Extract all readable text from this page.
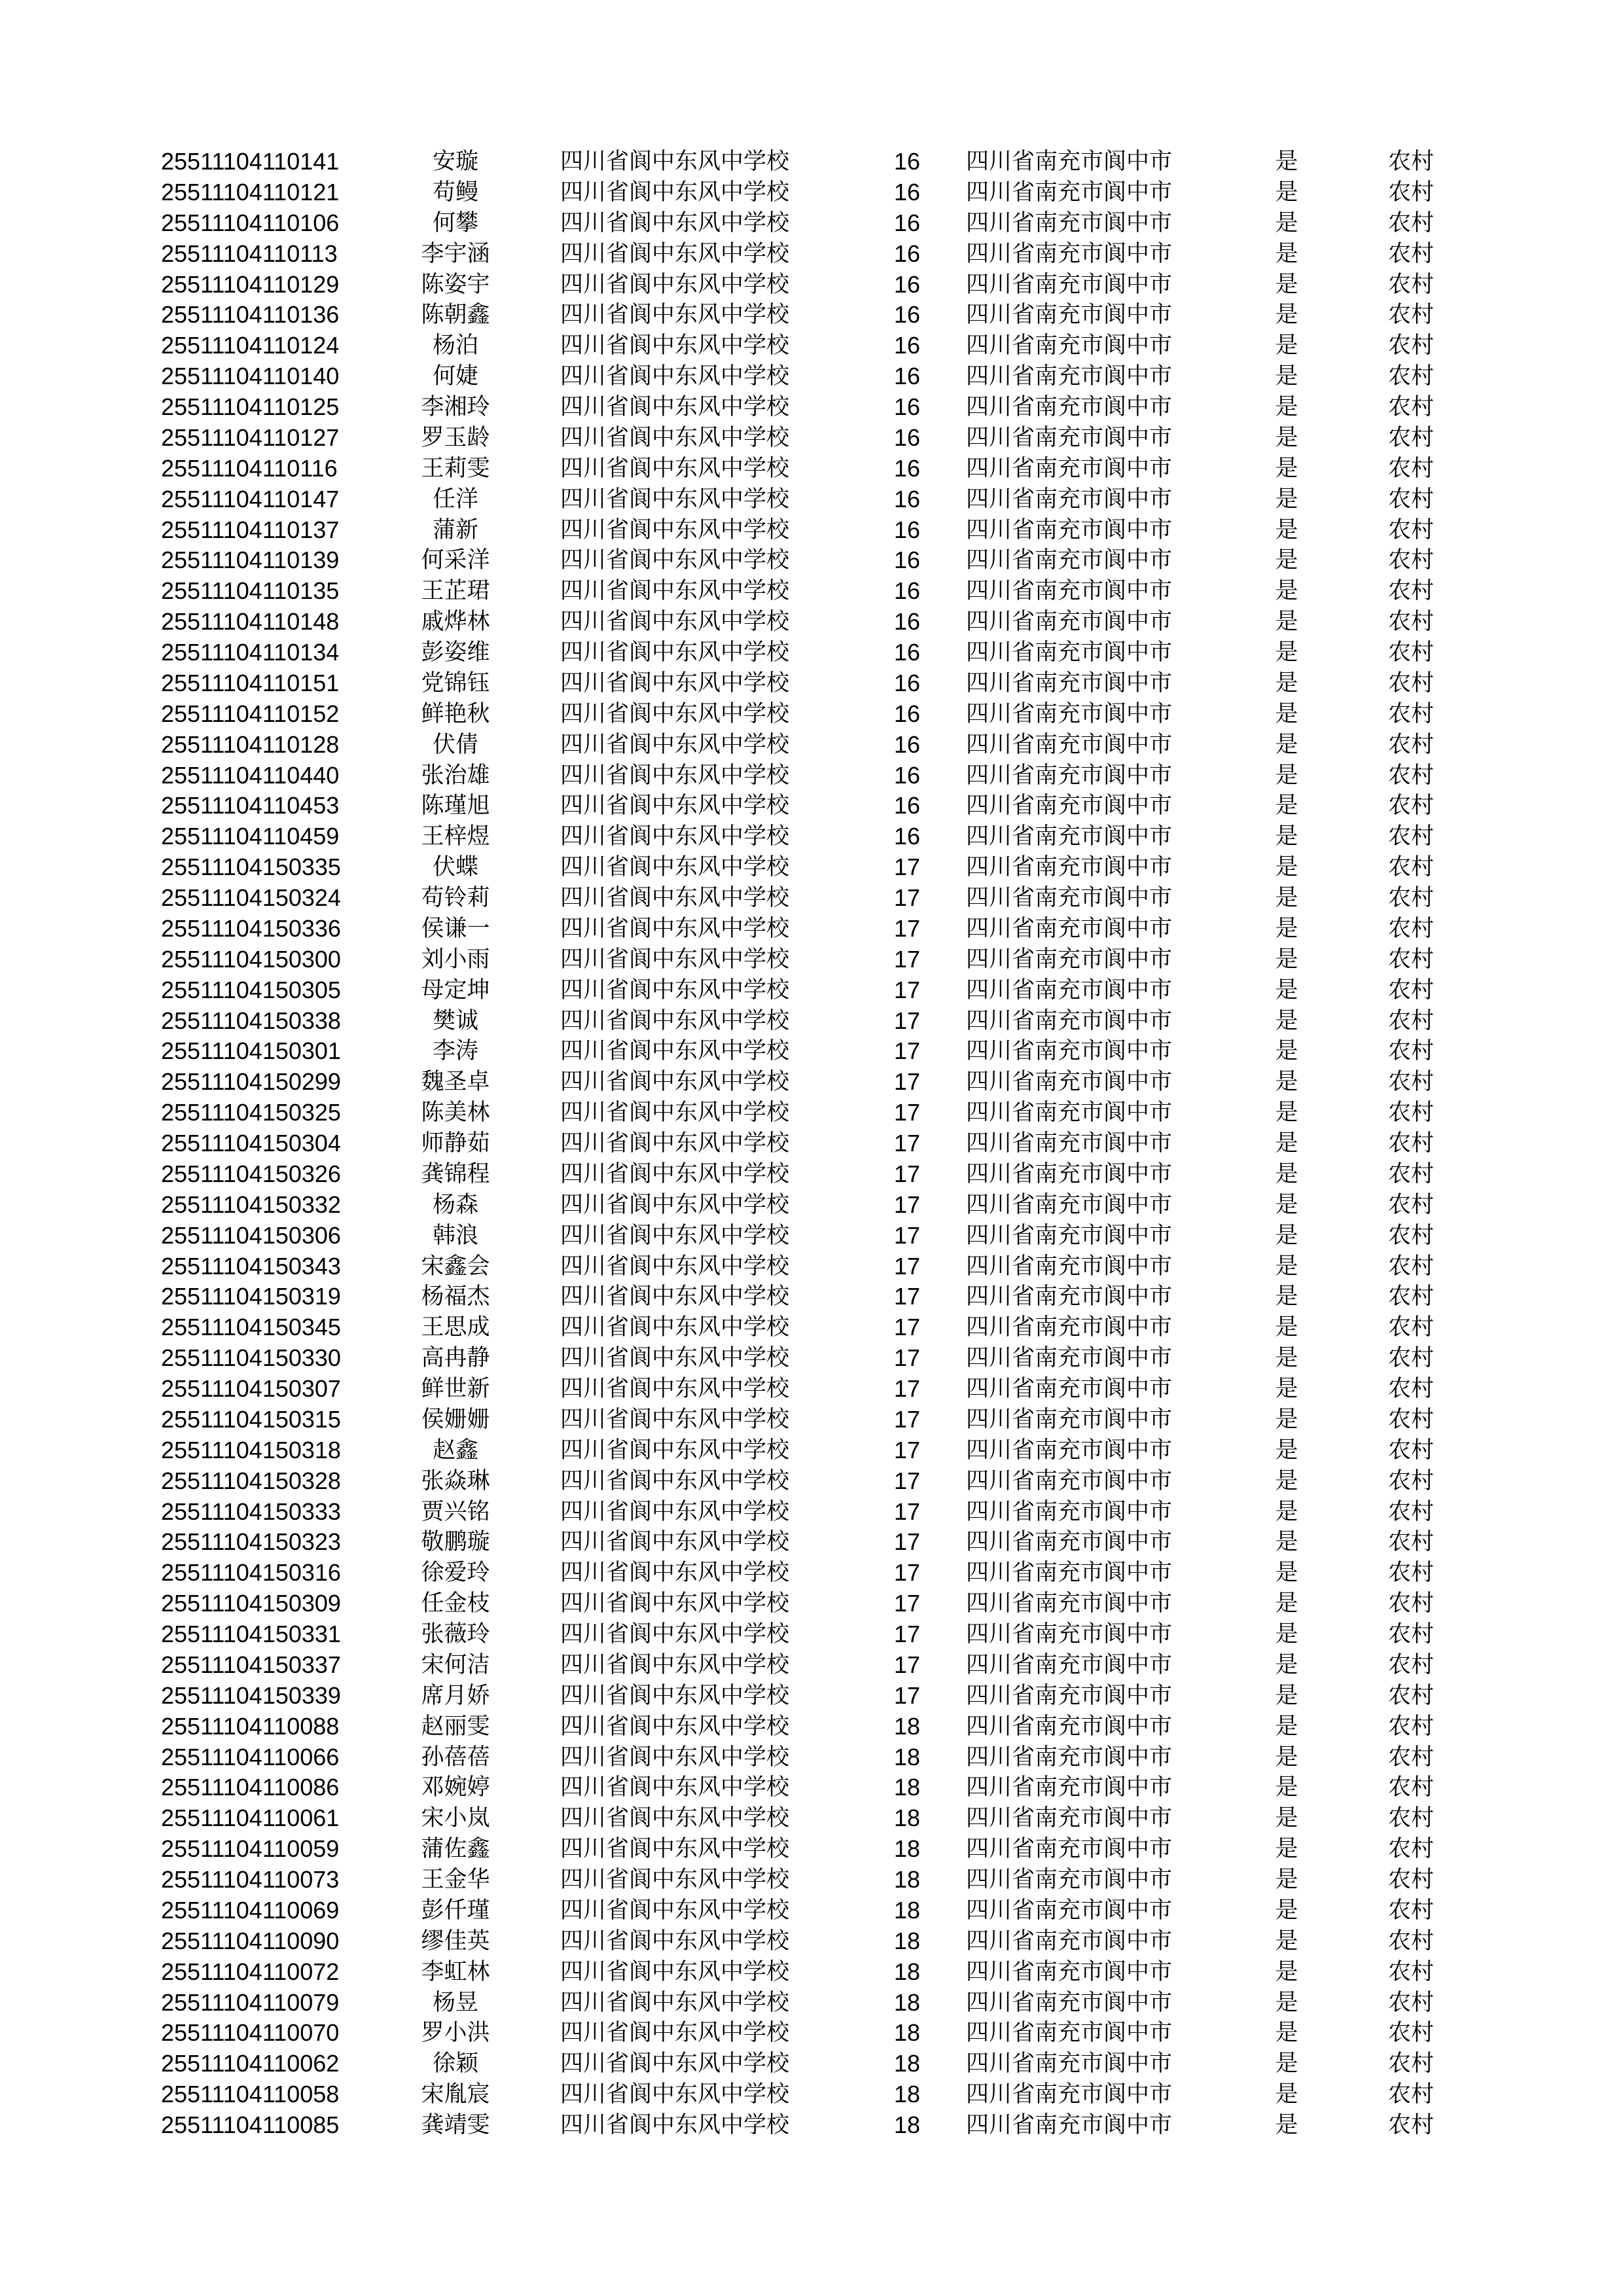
25511104110141	安璇	四川省阆中东风中学校	16 四川省南充市阆中市	是	农村
25511104110121	苟鳗	四川省阆中东风中学校	16 四川省南充市阆中市	是	农村
25511104110106	何攀	四川省阆中东风中学校	16 四川省南充市阆中市	是	农村
25511104110113	李宇涵	四川省阆中东风中学校	16 四川省南充市阆中市	是	农村
25511104110129	陈姿宇	四川省阆中东风中学校	16 四川省南充市阆中市	是	农村
25511104110136	陈朝鑫	四川省阆中东风中学校	16 四川省南充市阆中市	是	农村
25511104110124	杨泊	四川省阆中东风中学校	16 四川省南充市阆中市	是	农村
25511104110140	何婕	四川省阆中东风中学校	16 四川省南充市阆中市	是	农村
25511104110125	李湘玲	四川省阆中东风中学校	16 四川省南充市阆中市	是	农村
25511104110127	罗玉龄	四川省阆中东风中学校	16 四川省南充市阆中市	是	农村
25511104110116	王莉雯	四川省阆中东风中学校	16 四川省南充市阆中市	是	农村
25511104110147	任洋	四川省阆中东风中学校	16 四川省南充市阆中市	是	农村
25511104110137	蒲新	四川省阆中东风中学校	16 四川省南充市阆中市	是	农村
25511104110139	何采洋	四川省阆中东风中学校	16 四川省南充市阆中市	是	农村
25511104110135	王芷珺	四川省阆中东风中学校	16 四川省南充市阆中市	是	农村
25511104110148	戚烨林	四川省阆中东风中学校	16 四川省南充市阆中市	是	农村
25511104110134	彭姿维	四川省阆中东风中学校	16 四川省南充市阆中市	是	农村
25511104110151	党锦钰	四川省阆中东风中学校	16 四川省南充市阆中市	是	农村
25511104110152	鲜艳秋	四川省阆中东风中学校	16 四川省南充市阆中市	是	农村
25511104110128	伏倩	四川省阆中东风中学校	16 四川省南充市阆中市	是	农村
25511104110440	张治雄	四川省阆中东风中学校	16 四川省南充市阆中市	是	农村
25511104110453	陈瑾旭	四川省阆中东风中学校	16 四川省南充市阆中市	是	农村
25511104110459	王梓煜	四川省阆中东风中学校	16 四川省南充市阆中市	是	农村
25511104150335	伏蝶	四川省阆中东风中学校	17 四川省南充市阆中市	是	农村
25511104150324	苟铃莉	四川省阆中东风中学校	17 四川省南充市阆中市	是	农村
25511104150336	侯谦一	四川省阆中东风中学校	17 四川省南充市阆中市	是	农村
25511104150300	刘小雨	四川省阆中东风中学校	17 四川省南充市阆中市	是	农村
25511104150305	母定坤	四川省阆中东风中学校	17 四川省南充市阆中市	是	农村
25511104150338	樊诚	四川省阆中东风中学校	17 四川省南充市阆中市	是	农村
25511104150301	李涛	四川省阆中东风中学校	17 四川省南充市阆中市	是	农村
25511104150299	魏圣卓	四川省阆中东风中学校	17 四川省南充市阆中市	是	农村
25511104150325	陈美林	四川省阆中东风中学校	17 四川省南充市阆中市	是	农村
25511104150304	师静茹	四川省阆中东风中学校	17 四川省南充市阆中市	是	农村
25511104150326	龚锦程	四川省阆中东风中学校	17 四川省南充市阆中市	是	农村
25511104150332	杨森	四川省阆中东风中学校	17 四川省南充市阆中市	是	农村
25511104150306	韩浪	四川省阆中东风中学校	17 四川省南充市阆中市	是	农村
25511104150343	宋鑫会	四川省阆中东风中学校	17 四川省南充市阆中市	是	农村
25511104150319	杨福杰	四川省阆中东风中学校	17 四川省南充市阆中市	是	农村
25511104150345	王思成	四川省阆中东风中学校	17 四川省南充市阆中市	是	农村
25511104150330	高冉静	四川省阆中东风中学校	17 四川省南充市阆中市	是	农村
25511104150307	鲜世新	四川省阆中东风中学校	17 四川省南充市阆中市	是	农村
25511104150315	侯姗姗	四川省阆中东风中学校	17 四川省南充市阆中市	是	农村
25511104150318	赵鑫	四川省阆中东风中学校	17 四川省南充市阆中市	是	农村
25511104150328	张焱琳	四川省阆中东风中学校	17 四川省南充市阆中市	是	农村
25511104150333	贾兴铭	四川省阆中东风中学校	17 四川省南充市阆中市	是	农村
25511104150323	敬鹏璇	四川省阆中东风中学校	17 四川省南充市阆中市	是	农村
25511104150316	徐爱玲	四川省阆中东风中学校	17 四川省南充市阆中市	是	农村
25511104150309	任金枝	四川省阆中东风中学校	17 四川省南充市阆中市	是	农村
25511104150331	张薇玲	四川省阆中东风中学校	17 四川省南充市阆中市	是	农村
25511104150337	宋何洁	四川省阆中东风中学校	17 四川省南充市阆中市	是	农村
25511104150339	席月娇	四川省阆中东风中学校	17 四川省南充市阆中市	是	农村
25511104110088	赵丽雯	四川省阆中东风中学校	18 四川省南充市阆中市	是	农村
25511104110066	孙蓓蓓	四川省阆中东风中学校	18 四川省南充市阆中市	是	农村
25511104110086	邓婉婷	四川省阆中东风中学校	18 四川省南充市阆中市	是	农村
25511104110061	宋小岚	四川省阆中东风中学校	18 四川省南充市阆中市	是	农村
25511104110059	蒲佐鑫	四川省阆中东风中学校	18 四川省南充市阆中市	是	农村
25511104110073	王金华	四川省阆中东风中学校	18 四川省南充市阆中市	是	农村
25511104110069	彭仟瑾	四川省阆中东风中学校	18 四川省南充市阆中市	是	农村
25511104110090	缪佳英	四川省阆中东风中学校	18 四川省南充市阆中市	是	农村
25511104110072	李虹林	四川省阆中东风中学校	18 四川省南充市阆中市	是	农村
25511104110079	杨昱	四川省阆中东风中学校	18 四川省南充市阆中市	是	农村
25511104110070	罗小洪	四川省阆中东风中学校	18 四川省南充市阆中市	是	农村
25511104110062	徐颖	四川省阆中东风中学校	18 四川省南充市阆中市	是	农村
25511104110058	宋胤宸	四川省阆中东风中学校	18 四川省南充市阆中市	是	农村
25511104110085	龚靖雯	四川省阆中东风中学校	18 四川省南充市阆中市	是	农村
